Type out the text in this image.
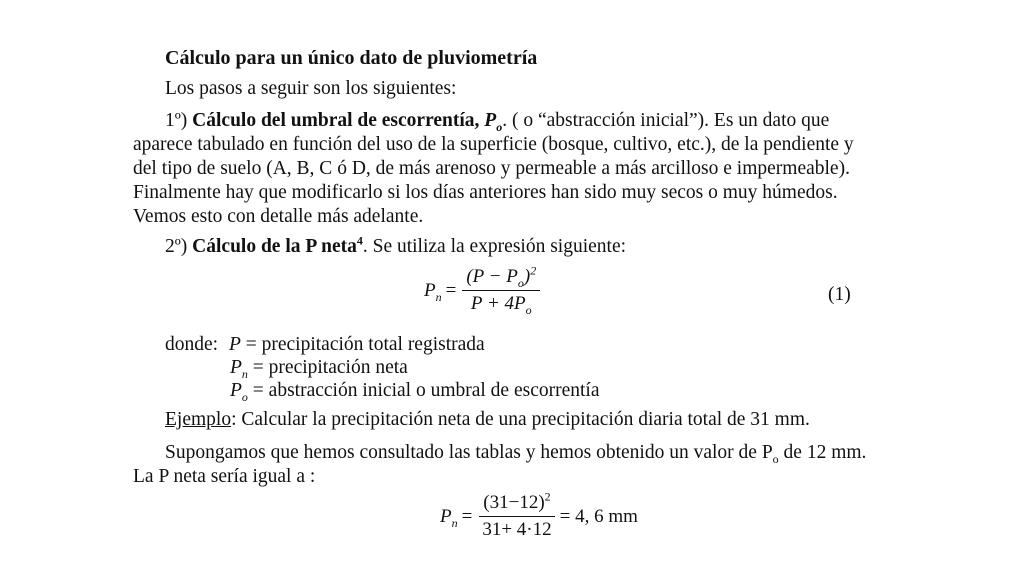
Cálculo para un único dato de pluviometría
Los pasos a seguir son los siguientes:
1º) Cálculo del umbral de escorrentía, $P_o$. ( o “abstracción inicial”). Es un dato que
aparece tabulado en función del uso de la superficie (bosque, cultivo, etc.), de la pendiente y
del tipo de suelo (A, B, C ó D, de más arenoso y permeable a más arcilloso e impermeable).
Finalmente hay que modificarlo si los días anteriores han sido muy secos o muy húmedos.
Vemos esto con detalle más adelante.
2º) Cálculo de la P neta$^4$. Se utiliza la expresión siguiente:
$P_n = \frac{(P - P_o)^2}{P + 4P_o}$	(1)
donde: P = precipitación total registrada
$P_n$ = precipitación neta
$P_o$ = abstracción inicial o umbral de escorrentía
Ejemplo: Calcular la precipitación neta de una precipitación diaria total de 31 mm.
Supongamos que hemos consultado las tablas y hemos obtenido un valor de $P_o$ de 12 mm.
La P neta sería igual a :
$P_n = \frac{(31-12)^2}{31+ 4\cdot 12} = 4$, 6 mm
